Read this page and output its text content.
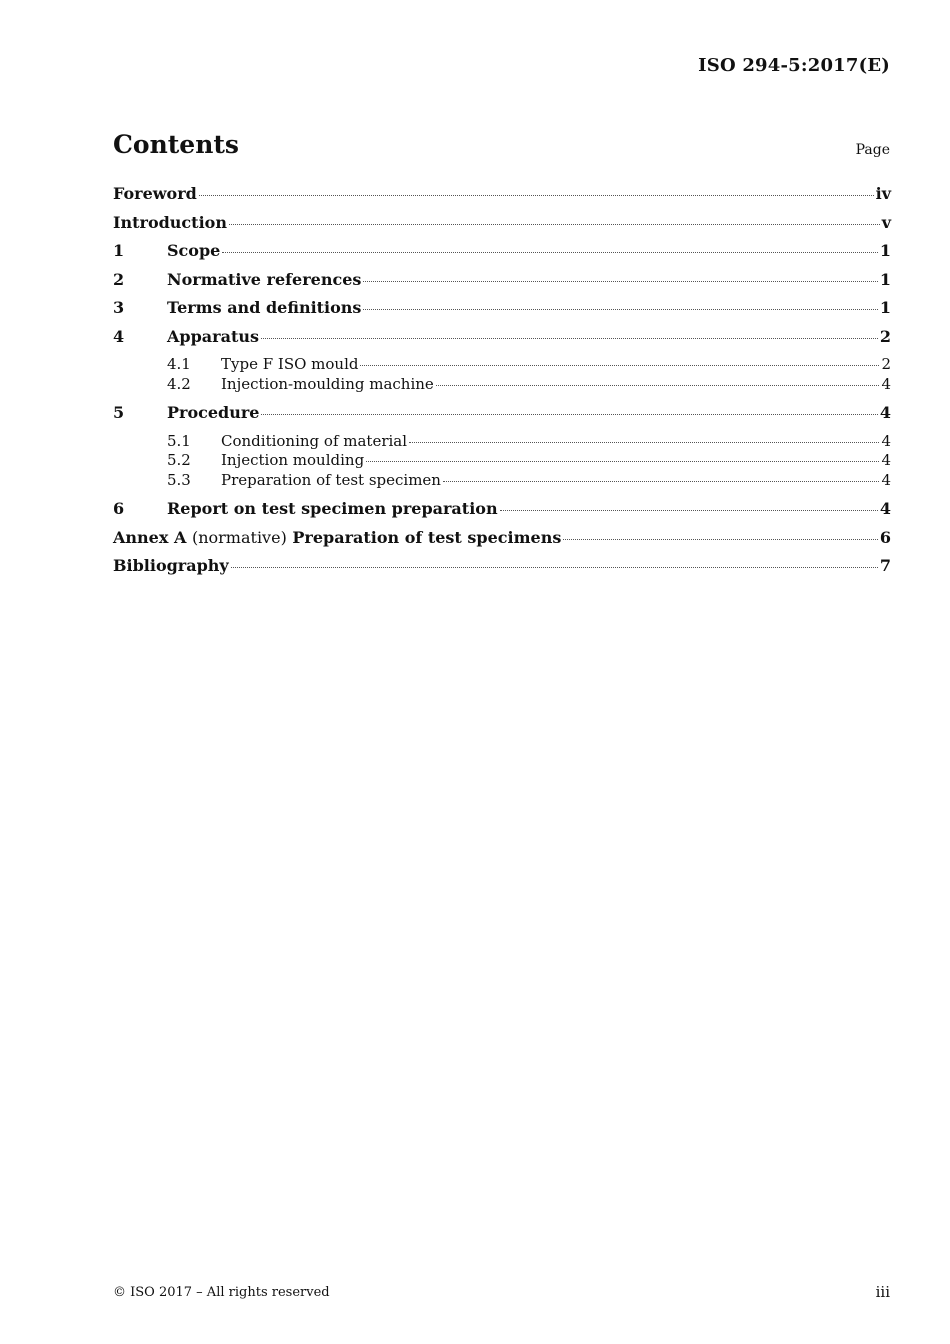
ISO 294-5:2017(E)
Contents	Page
Foreword	iv
Introduction	v
1	Scope	1
2	Normative references	1
3	Terms and definitions	1
4	Apparatus	2
4.1	Type F ISO mould	2
4.2	Injection-moulding machine	4
5	Procedure	4
5.1	Conditioning of material	4
5.2	Injection moulding	4
5.3	Preparation of test specimen	4
6	Report on test specimen preparation	4
Annex A (normative) Preparation of test specimens	6
Bibliography	7
© ISO 2017 – All rights reserved	iii
